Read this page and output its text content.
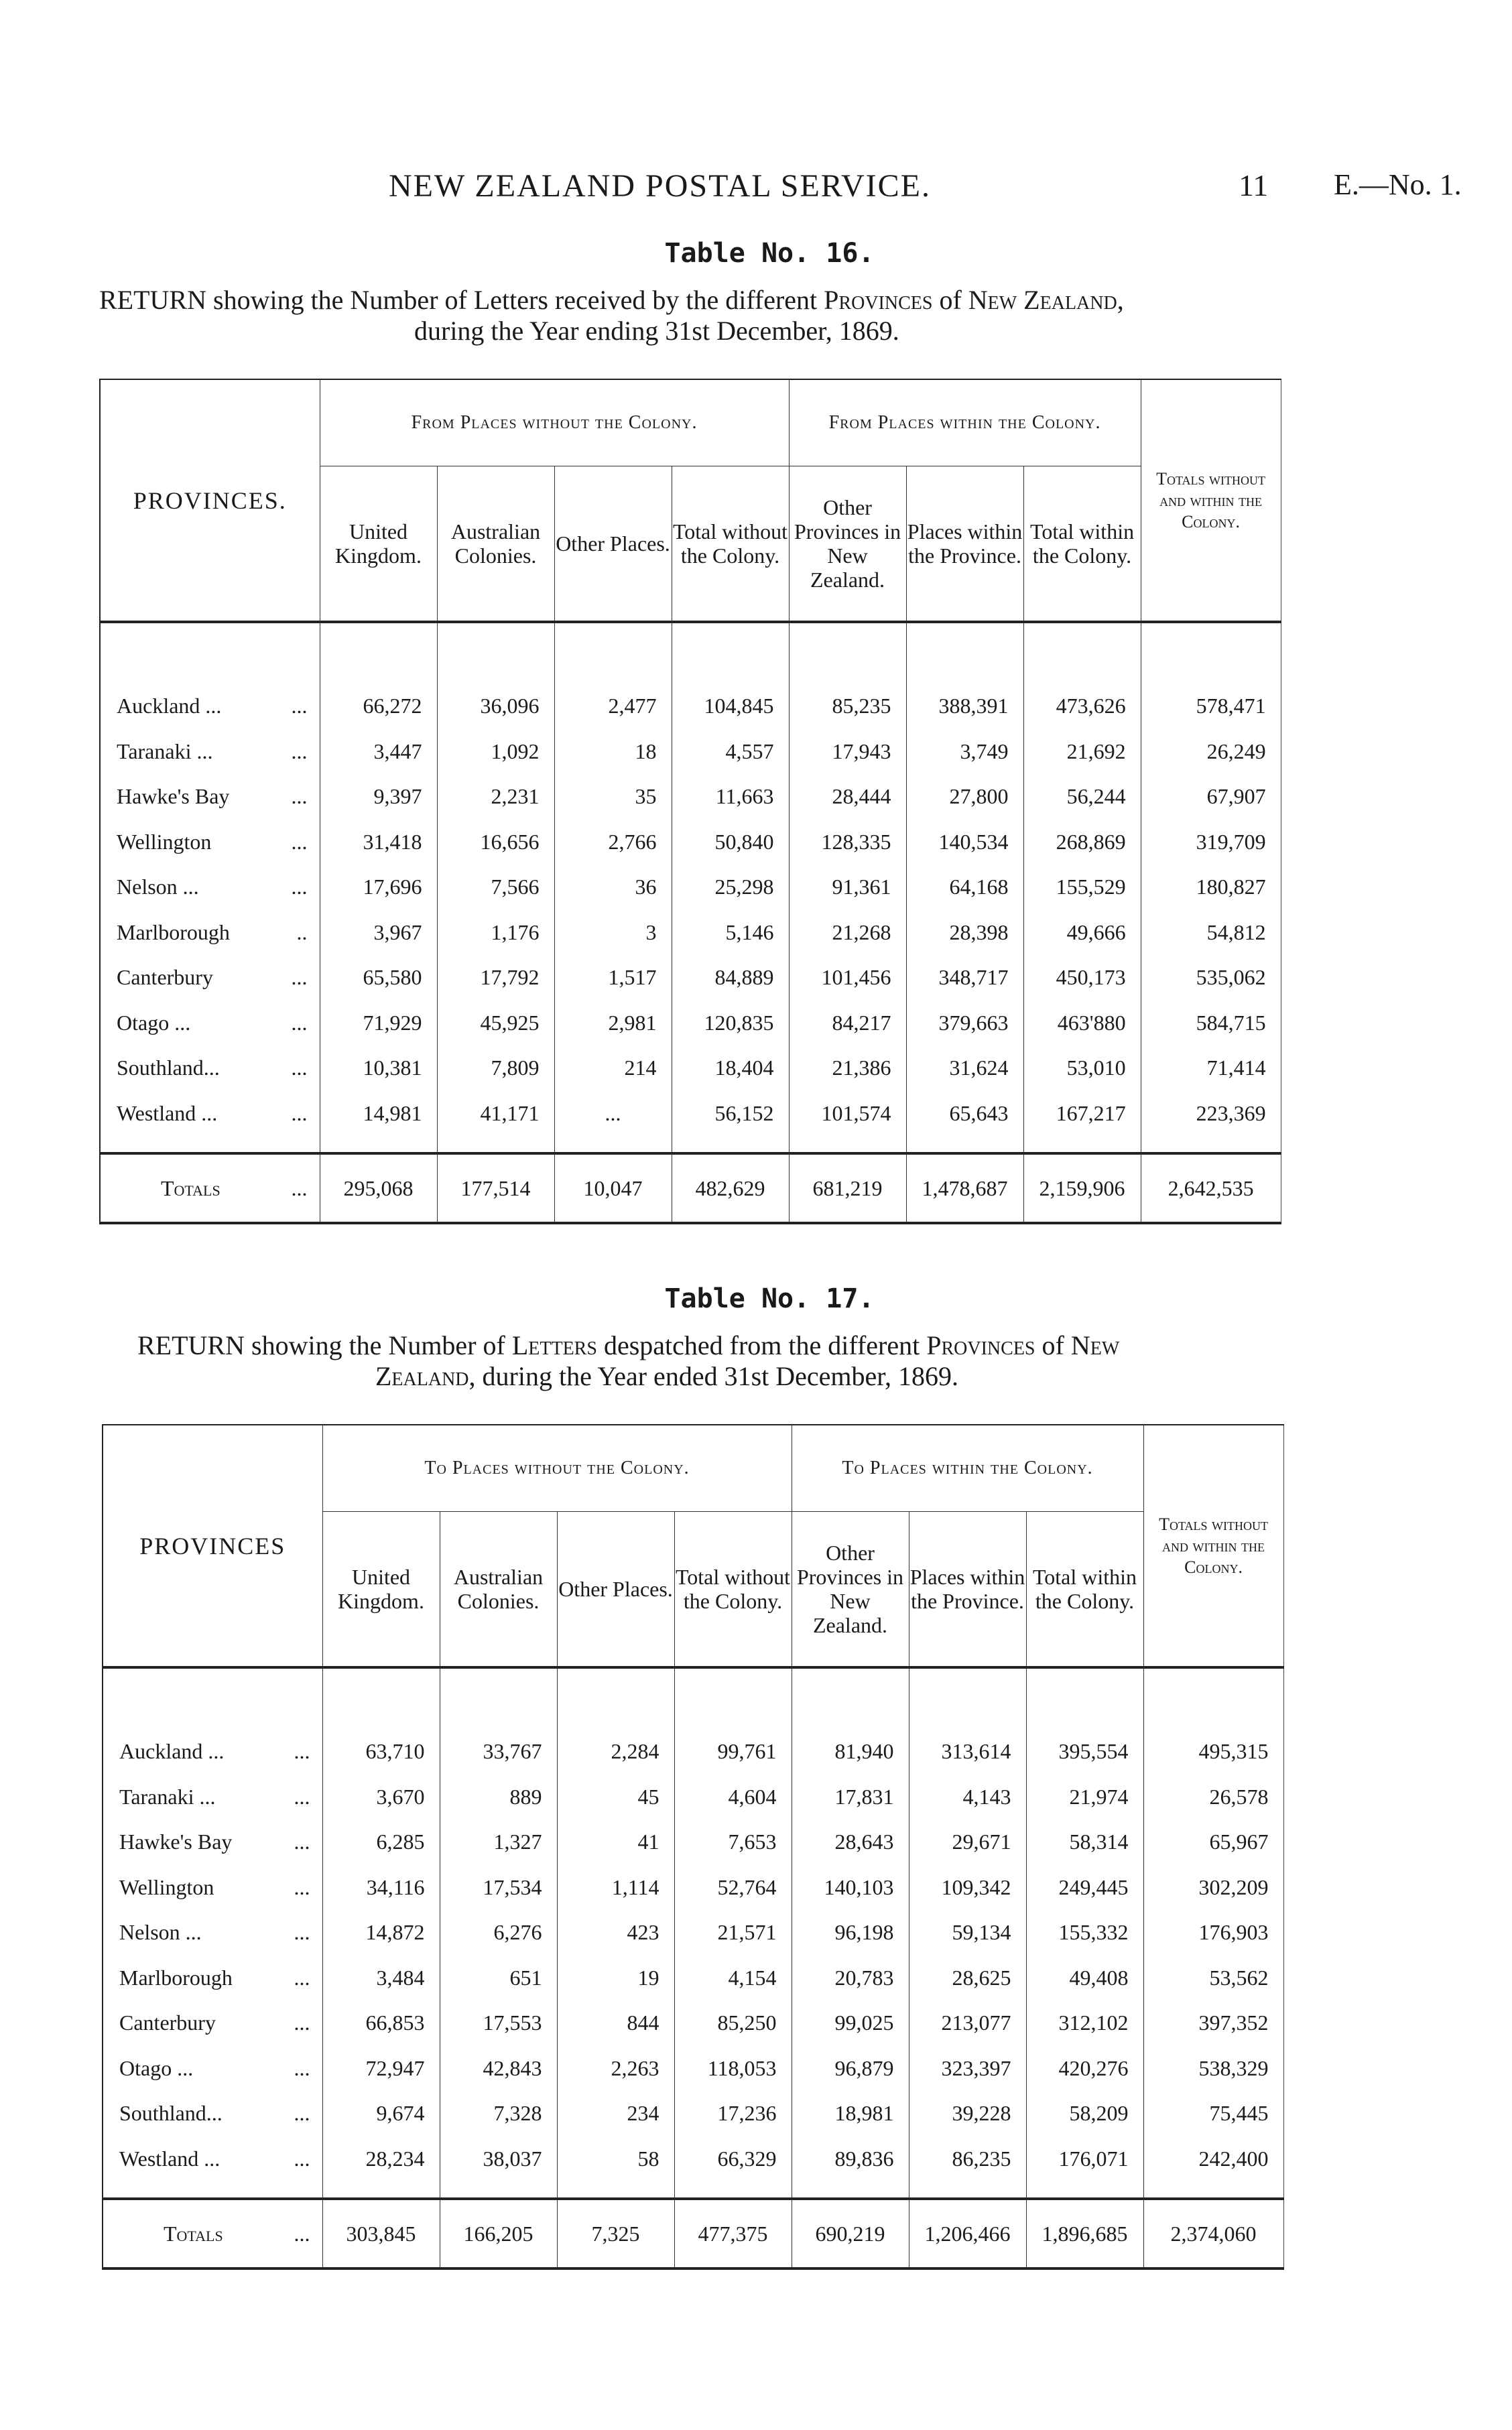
NEW ZEALAND POSTAL SERVICE.	11 E.—No. 1.
Table No. 16.
RETURN showing the Number of Letters received by the different Provinces of New Zealand,
during the Year ending 31st December, 1869.
PROVINCES.	From Places without the Colony.				From Places within the Colony.			Totals without and within the Colony.
	United Kingdom.	Australian Colonies.	Other Places.	Total without the Colony.	Other Provinces in New Zealand.	Places within the Province.	Total within the Colony.	

Auckland ... ...	66,272	36,096	2,477	104,845	85,235	388,391	473,626	578,471
Taranaki ... ...	3,447	1,092	18	4,557	17,943	3,749	21,692	26,249
Hawke's Bay ...	9,397	2,231	35	11,663	28,444	27,800	56,244	67,907
Wellington ...	31,418	16,656	2,766	50,840	128,335	140,534	268,869	319,709
Nelson ... ...	17,696	7,566	36	25,298	91,361	64,168	155,529	180,827
Marlborough ..	3,967	1,176	3	5,146	21,268	28,398	49,666	54,812
Canterbury ...	65,580	17,792	1,517	84,889	101,456	348,717	450,173	535,062
Otago ... ...	71,929	45,925	2,981	120,835	84,217	379,663	463'880	584,715
Southland... ...	10,381	7,809	214	18,404	21,386	31,624	53,010	71,414
Westland ... ...	14,981	41,171	...	56,152	101,574	65,643	167,217	223,369

Totals ...	295,068	177,514	10,047	482,629	681,219	1,478,687	2,159,906	2,642,535
Table No. 17.
RETURN showing the Number of Letters despatched from the different Provinces of New
Zealand, during the Year ended 31st December, 1869.
PROVINCES	To Places without the Colony.				To Places within the Colony.			Totals without and within the Colony.
	United Kingdom.	Australian Colonies.	Other Places.	Total without the Colony.	Other Provinces in New Zealand.	Places within the Province.	Total within the Colony.	

Auckland ... ...	63,710	33,767	2,284	99,761	81,940	313,614	395,554	495,315
Taranaki ... ...	3,670	889	45	4,604	17,831	4,143	21,974	26,578
Hawke's Bay ...	6,285	1,327	41	7,653	28,643	29,671	58,314	65,967
Wellington ...	34,116	17,534	1,114	52,764	140,103	109,342	249,445	302,209
Nelson ... ...	14,872	6,276	423	21,571	96,198	59,134	155,332	176,903
Marlborough ...	3,484	651	19	4,154	20,783	28,625	49,408	53,562
Canterbury ...	66,853	17,553	844	85,250	99,025	213,077	312,102	397,352
Otago ... ...	72,947	42,843	2,263	118,053	96,879	323,397	420,276	538,329
Southland... ...	9,674	7,328	234	17,236	18,981	39,228	58,209	75,445
Westland ... ...	28,234	38,037	58	66,329	89,836	86,235	176,071	242,400

Totals ...	303,845	166,205	7,325	477,375	690,219	1,206,466	1,896,685	2,374,060
